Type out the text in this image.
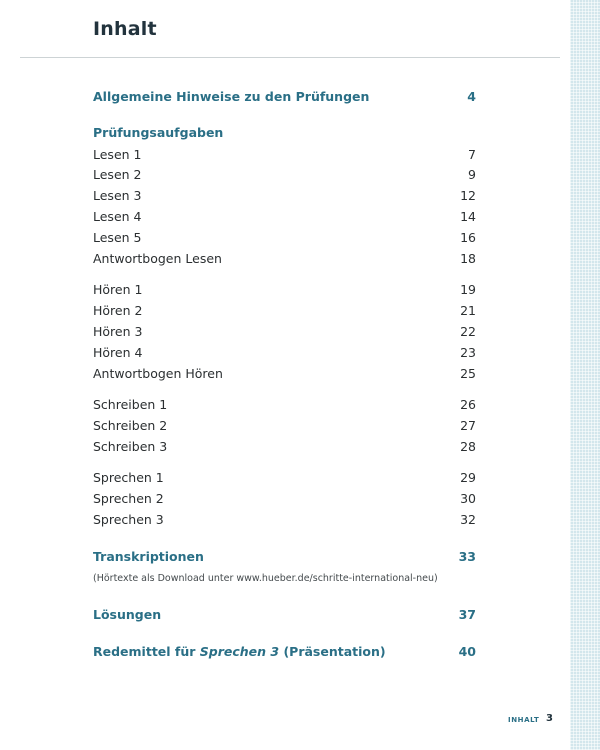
Inhalt
Allgemeine Hinweise zu den Prüfungen	4
Prüfungsaufgaben
Lesen 1	7
Lesen 2	9
Lesen 3	12
Lesen 4	14
Lesen 5	16
Antwortbogen Lesen	18
Hören 1	19
Hören 2	21
Hören 3	22
Hören 4	23
Antwortbogen Hören	25
Schreiben 1	26
Schreiben 2	27
Schreiben 3	28
Sprechen 1	29
Sprechen 2	30
Sprechen 3	32
Transkriptionen	33
(Hörtexte als Download unter www.hueber.de/schritte-international-neu)
Lösungen	37
Redemittel für Sprechen 3 (Präsentation)	40
INHALT 3
